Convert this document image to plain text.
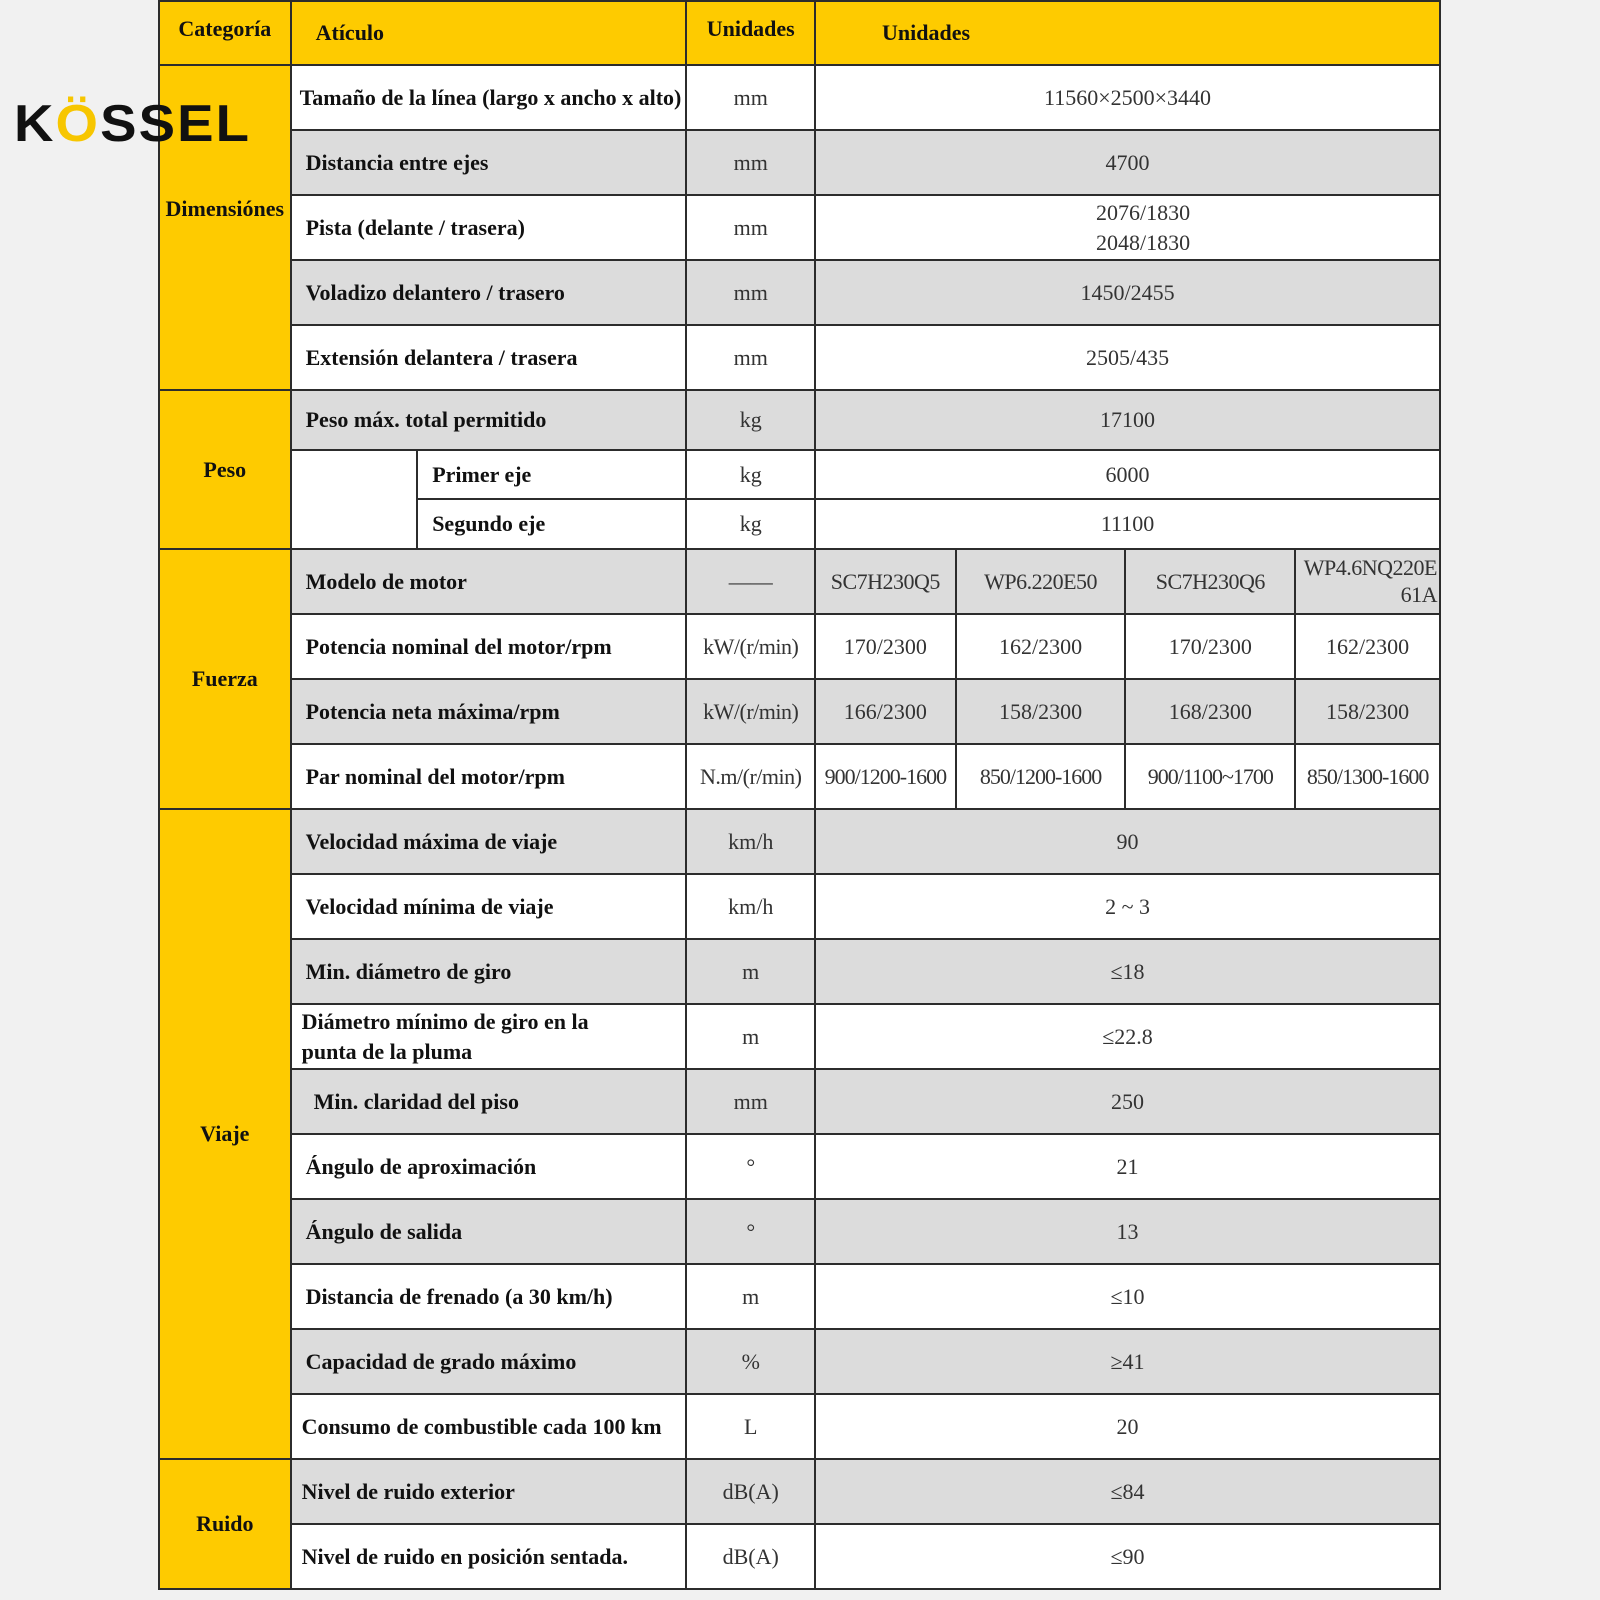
KÖSSEL
Categoría	Atículo		Unidades	Unidades			
Dimensiónes	Tamaño de la línea (largo x ancho x alto)		mm	11560×2500×3440			
	Distancia entre ejes		mm	4700			
	Pista (delante / trasera)		mm	2076/1830 2048/1830			
	Voladizo delantero / trasero		mm	1450/2455			
	Extensión delantera / trasera		mm	2505/435			
Peso	Peso máx. total permitido		kg	17100			
		Primer eje	kg	6000			
		Segundo eje	kg	11100			
Fuerza	Modelo de motor		——	SC7H230Q5	WP6.220E50	SC7H230Q6	WP4.6NQ220E 61A
	Potencia nominal del motor/rpm		kW/(r/min)	170/2300	162/2300	170/2300	162/2300
	Potencia neta máxima/rpm		kW/(r/min)	166/2300	158/2300	168/2300	158/2300
	Par nominal del motor/rpm		N.m/(r/min)	900/1200-1600	850/1200-1600	900/1100~1700	850/1300-1600
Viaje	Velocidad máxima de viaje		km/h	90			
	Velocidad mínima de viaje		km/h	2 ~ 3			
	Min. diámetro de giro		m	≤18			
	Diámetro mínimo de giro en la punta de la pluma		m	≤22.8			
	Min. claridad del piso		mm	250			
	Ángulo de aproximación		°	21			
	Ángulo de salida		°	13			
	Distancia de frenado (a 30 km/h)		m	≤10			
	Capacidad de grado máximo		%	≥41			
	Consumo de combustible cada 100 km		L	20			
Ruido	Nivel de ruido exterior		dB(A)	≤84			
	Nivel de ruido en posición sentada.		dB(A)	≤90			
